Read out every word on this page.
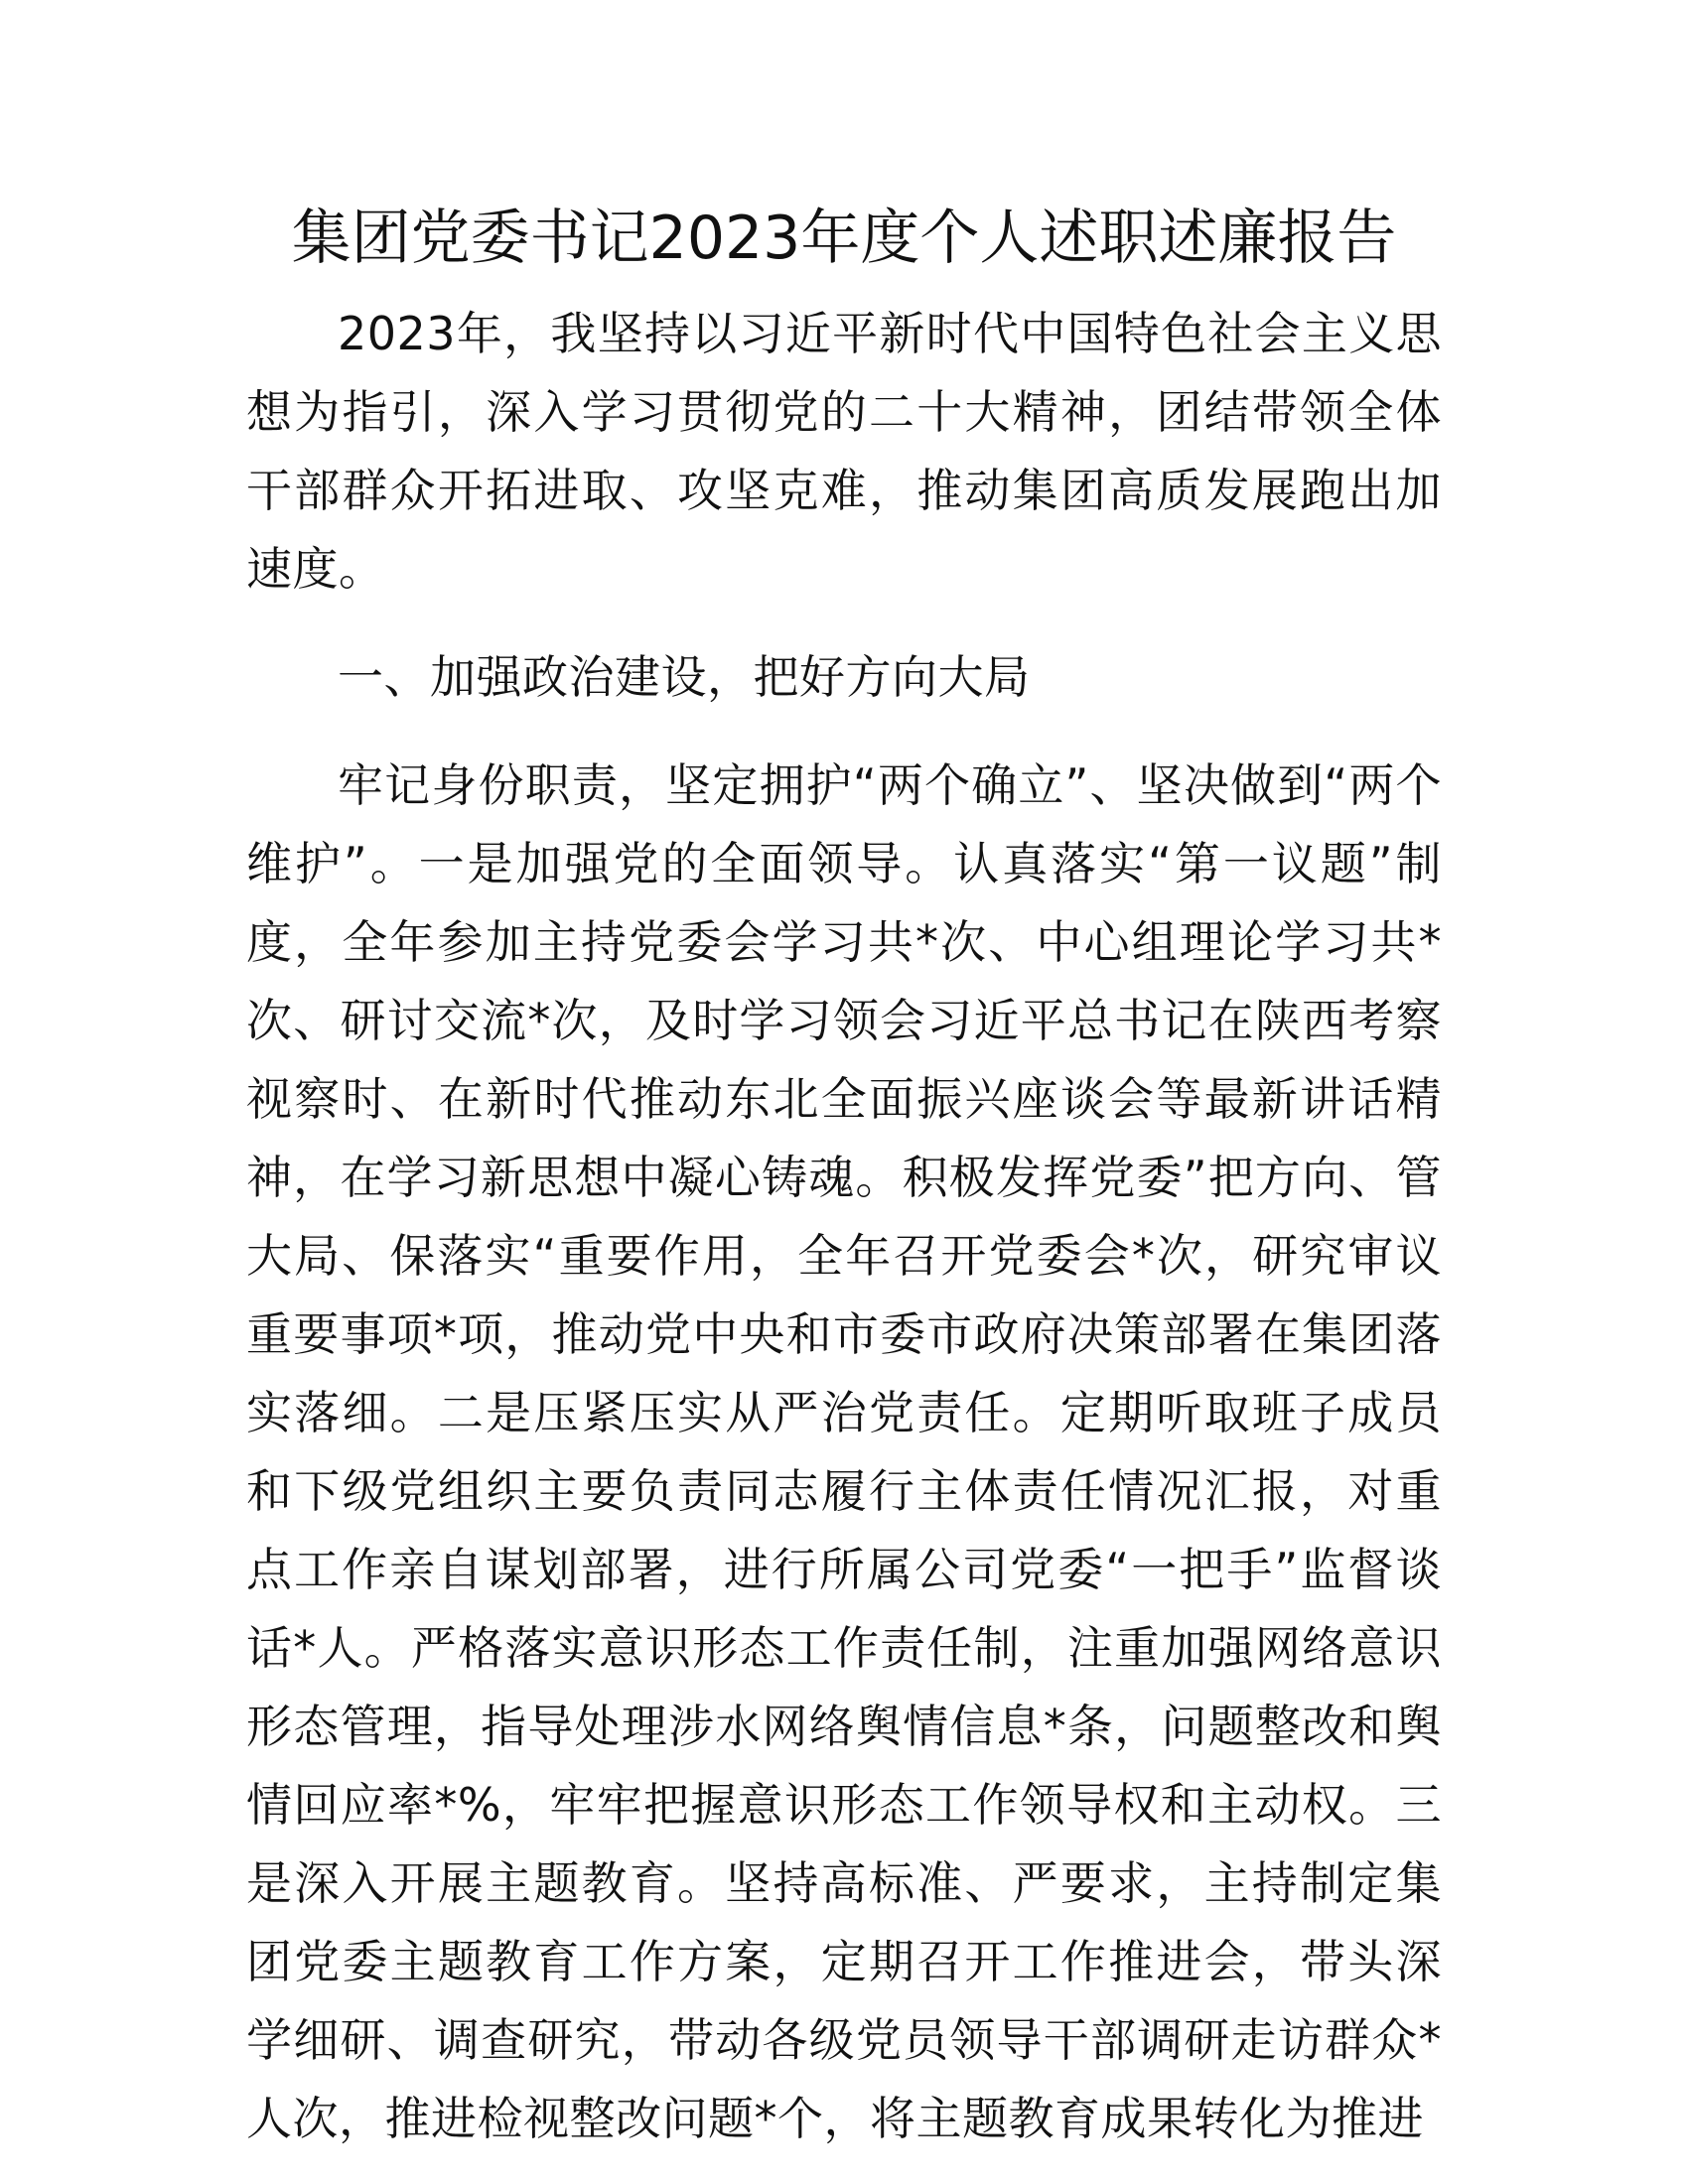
集团党委书记2023年度个人述职述廉报告

2023年，我坚持以习近平新时代中国特色社会主义思想为指引，深入学习贯彻党的二十大精神，团结带领全体干部群众开拓进取、攻坚克难，推动集团高质发展跑出加速度。

一、加强政治建设，把好方向大局

牢记身份职责，坚定拥护“两个确立”、坚决做到“两个维护”。一是加强党的全面领导。认真落实“第一议题”制度，全年参加主持党委会学习共*次、中心组理论学习共*次、研讨交流*次，及时学习领会习近平总书记在陕西考察视察时、在新时代推动东北全面振兴座谈会等最新讲话精神，在学习新思想中凝心铸魂。积极发挥党委”把方向、管大局、保落实“重要作用，全年召开党委会*次，研究审议重要事项*项，推动党中央和市委市政府决策部署在集团落实落细。二是压紧压实从严治党责任。定期听取班子成员和下级党组织主要负责同志履行主体责任情况汇报，对重点工作亲自谋划部署，进行所属公司党委“一把手”监督谈话*人。严格落实意识形态工作责任制，注重加强网络意识形态管理，指导处理涉水网络舆情信息*条，问题整改和舆情回应率*%，牢牢把握意识形态工作领导权和主动权。三是深入开展主题教育。坚持高标准、严要求，主持制定集团党委主题教育工作方案，定期召开工作推进会，带头深学细研、调查研究，带动各级党员领导干部调研走访群众*人次，推进检视整改问题*个，将主题教育成果转化为推进
